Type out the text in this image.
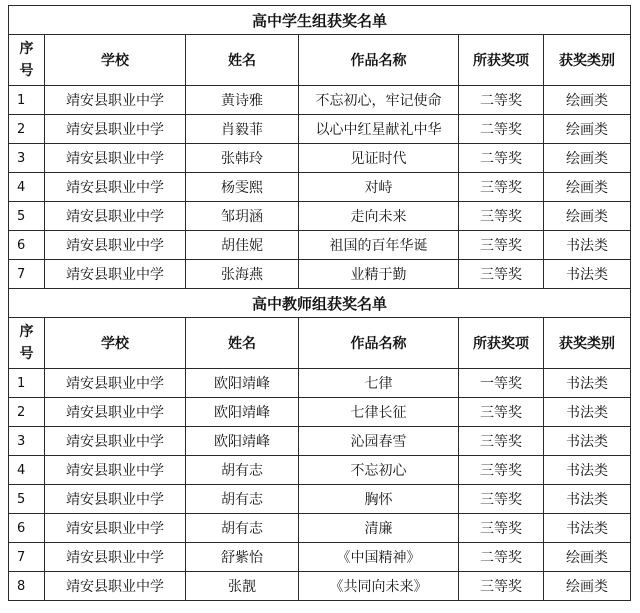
高中学生组获奖名单					

序
号	学校	姓名	作品名称	所获奖项	获奖类别
1	靖安县职业中学	黄诗雅	不忘初心，牢记使命	二等奖	绘画类
2	靖安县职业中学	肖毅菲	以心中红星献礼中华	二等奖	绘画类
3	靖安县职业中学	张韩玲	见证时代	二等奖	绘画类
4	靖安县职业中学	杨雯熙	对峙	三等奖	绘画类
5	靖安县职业中学	邹玥涵	走向未来	三等奖	绘画类
6	靖安县职业中学	胡佳妮	祖国的百年华诞	三等奖	书法类
7	靖安县职业中学	张海燕	业精于勤	三等奖	书法类
高中教师组获奖名单					

序
号	学校	姓名	作品名称	所获奖项	获奖类别
1	靖安县职业中学	欧阳靖峰	七律	一等奖	书法类
2	靖安县职业中学	欧阳靖峰	七律长征	三等奖	书法类
3	靖安县职业中学	欧阳靖峰	沁园春雪	三等奖	书法类
4	靖安县职业中学	胡有志	不忘初心	三等奖	书法类
5	靖安县职业中学	胡有志	胸怀	三等奖	书法类
6	靖安县职业中学	胡有志	清廉	三等奖	书法类
7	靖安县职业中学	舒紫怡	《中国精神》	二等奖	绘画类
8	靖安县职业中学	张靓	《共同向未来》	三等奖	绘画类
